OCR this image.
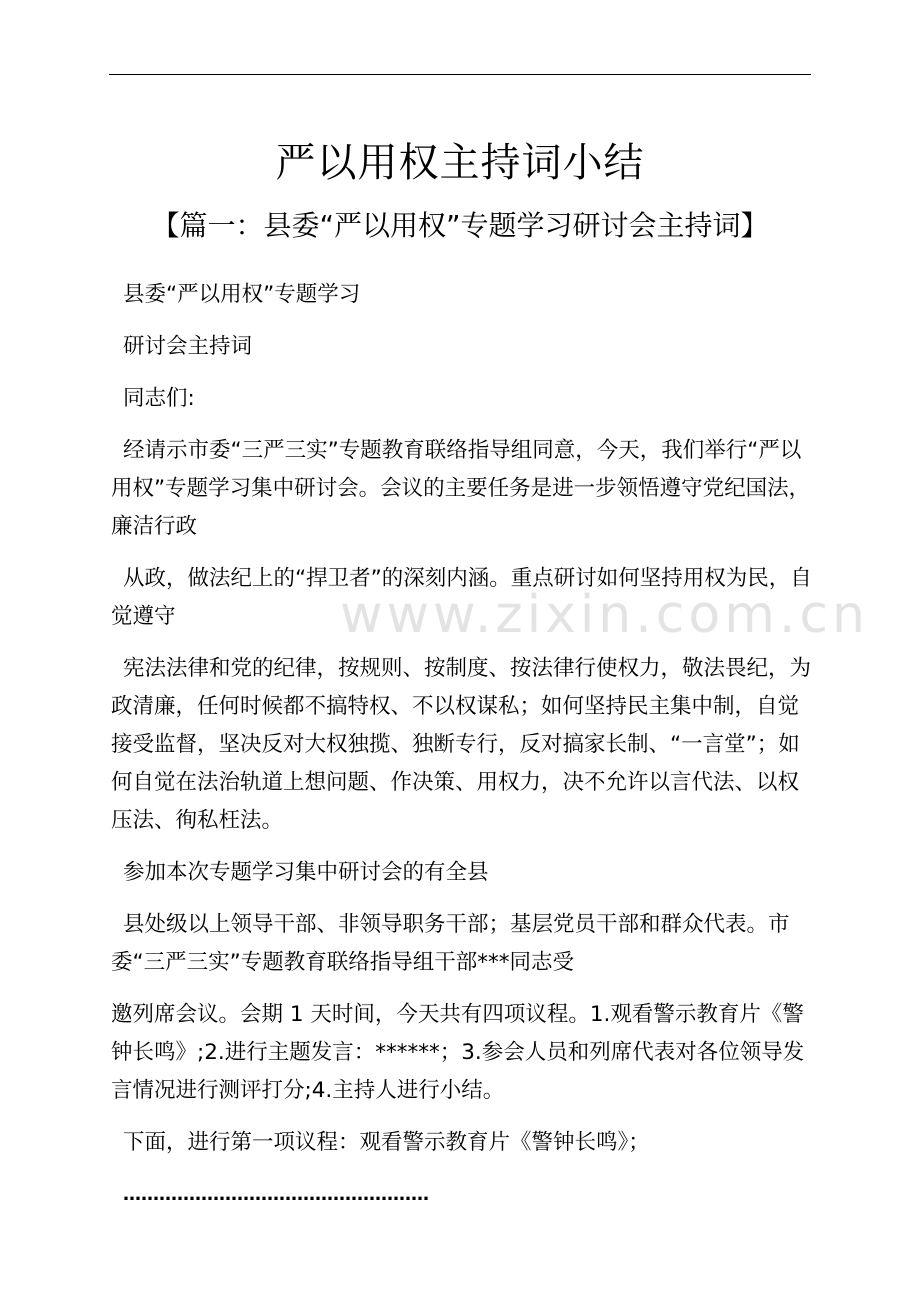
www.zixin.com.cn
严以用权主持词小结
【篇一：县委“严以用权”专题学习研讨会主持词】

县委“严以用权”专题学习

研讨会主持词

同志们:

经请示市委“三严三实”专题教育联络指导组同意，今天，我们举行“严以用权”专题学习集中研讨会。会议的主要任务是进一步领悟遵守党纪国法，廉洁行政

从政，做法纪上的“捍卫者”的深刻内涵。重点研讨如何坚持用权为民，自觉遵守

宪法法律和党的纪律，按规则、按制度、按法律行使权力，敬法畏纪，为政清廉，任何时候都不搞特权、不以权谋私；如何坚持民主集中制，自觉接受监督，坚决反对大权独揽、独断专行，反对搞家长制、“一言堂”；如何自觉在法治轨道上想问题、作决策、用权力，决不允许以言代法、以权压法、徇私枉法。

参加本次专题学习集中研讨会的有全县

县处级以上领导干部、非领导职务干部；基层党员干部和群众代表。市委“三严三实”专题教育联络指导组干部***同志受

邀列席会议。会期 1 天时间，今天共有四项议程。1.观看警示教育片《警钟长鸣》;2.进行主题发言：******；3.参会人员和列席代表对各位领导发言情况进行测评打分;4.主持人进行小结。

下面，进行第一项议程：观看警示教育片《警钟长鸣》；

……………………………………………
